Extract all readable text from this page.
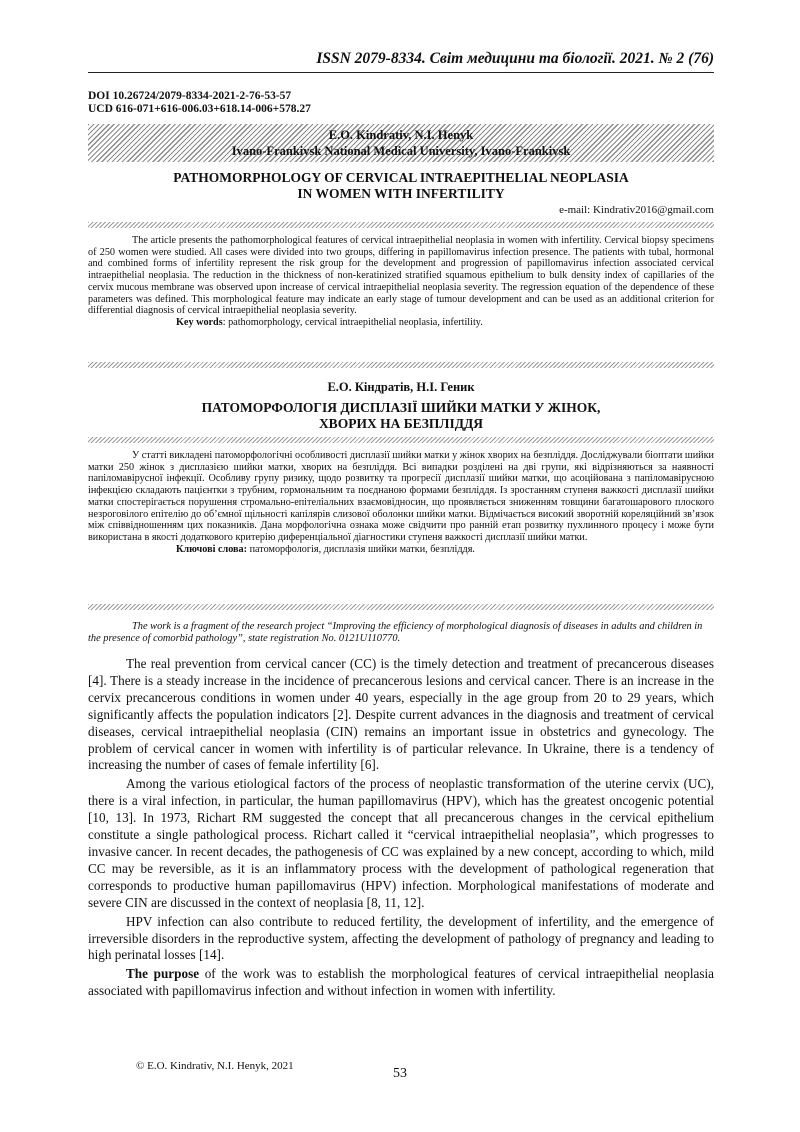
ISSN 2079-8334. Світ медицини та біології. 2021. № 2 (76)
DOI 10.26724/2079-8334-2021-2-76-53-57
UCD 616-071+616-006.03+618.14-006+578.27
E.O. Kindrativ, N.I. Henyk
Ivano-Frankivsk National Medical University, Ivano-Frankivsk
PATHOMORPHOLOGY OF CERVICAL INTRAEPITHELIAL NEOPLASIA
IN WOMEN WITH INFERTILITY
e-mail: Kindrativ2016@gmail.com

The article presents the pathomorphological features of cervical intraepithelial neoplasia in women with infertility. Cervical biopsy specimens of 250 women were studied. All cases were divided into two groups, differing in papillomavirus infection presence. The patients with tubal, hormonal and combined forms of infertility represent the risk group for the development and progression of papillomavirus infection associated cervical intraepithelial neoplasia. The reduction in the thickness of non-keratinized stratified squamous epithelium to bulk density index of capillaries of the cervix mucous membrane was observed upon increase of cervical intraepithelial neoplasia severity. The regression equation of the dependence of these parameters was defined. This morphological feature may indicate an early stage of tumour development and can be used as an additional criterion for differential diagnosis of cervical intraepithelial neoplasia severity.

Key words: pathomorphology, cervical intraepithelial neoplasia, infertility.

Е.О. Кіндратів, Н.І. Геник
ПАТОМОРФОЛОГІЯ ДИСПЛАЗІЇ ШИЙКИ МАТКИ У ЖІНОК,
ХВОРИХ НА БЕЗПЛІДДЯ

У статті викладені патоморфологічні особливості дисплазії шийки матки у жінок хворих на безпліддя. Досліджували біоптати шийки матки 250 жінок з дисплазією шийки матки, хворих на безпліддя. Всі випадки розділені на дві групи, які відрізняються за наявності папіломавірусної інфекції. Особливу групу ризику, щодо розвитку та прогресії дисплазії шийки матки, що асоційована з папіломавірусною інфекцією складають пацієнтки з трубним, гормональним та поєднаною формами безпліддя. Із зростанням ступеня важкості дисплазії шийки матки спостерігається порушення стромально-епітеліальних взаємовідносин, що проявляється зниженням товщини багатошарового плоского незроговілого епітелію до об’ємної щільності капілярів слизової оболонки шийки матки. Відмічається високий зворотній кореляційний зв’язок між співвідношенням цих показників. Дана морфологічна ознака може свідчити про ранній етап розвитку пухлинного процесу і може бути використана в якості додаткового критерію диференціальної діагностики ступеня важкості дисплазії шийки матки.

Ключові слова: патоморфологія, дисплазія шийки матки, безпліддя.

The work is a fragment of the research project “Improving the efficiency of morphological diagnosis of diseases in adults and children in the presence of comorbid pathology”, state registration No. 0121U110770.

The real prevention from cervical cancer (CC) is the timely detection and treatment of precancerous diseases [4]. There is a steady increase in the incidence of precancerous lesions and cervical cancer. There is an increase in the cervix precancerous conditions in women under 40 years, especially in the age group from 20 to 29 years, which significantly affects the population indicators [2]. Despite current advances in the diagnosis and treatment of cervical diseases, cervical intraepithelial neoplasia (CIN) remains an important issue in obstetrics and gynecology. The problem of cervical cancer in women with infertility is of particular relevance. In Ukraine, there is a tendency of increasing the number of cases of female infertility [6].

Among the various etiological factors of the process of neoplastic transformation of the uterine cervix (UC), there is a viral infection, in particular, the human papillomavirus (HPV), which has the greatest oncogenic potential [10, 13]. In 1973, Richart RM suggested the concept that all precancerous changes in the cervical epithelium constitute a single pathological process. Richart called it “cervical intraepithelial neoplasia”, which progresses to invasive cancer. In recent decades, the pathogenesis of CC was explained by a new concept, according to which, mild CC may be reversible, as it is an inflammatory process with the development of pathological regeneration that corresponds to productive human papillomavirus (HPV) infection. Morphological manifestations of moderate and severe CIN are discussed in the context of neoplasia [8, 11, 12].

HPV infection can also contribute to reduced fertility, the development of infertility, and the emergence of irreversible disorders in the reproductive system, affecting the development of pathology of pregnancy and leading to high perinatal losses [14].

The purpose of the work was to establish the morphological features of cervical intraepithelial neoplasia associated with papillomavirus infection and without infection in women with infertility.

© E.O. Kindrativ, N.I. Henyk, 2021	53
